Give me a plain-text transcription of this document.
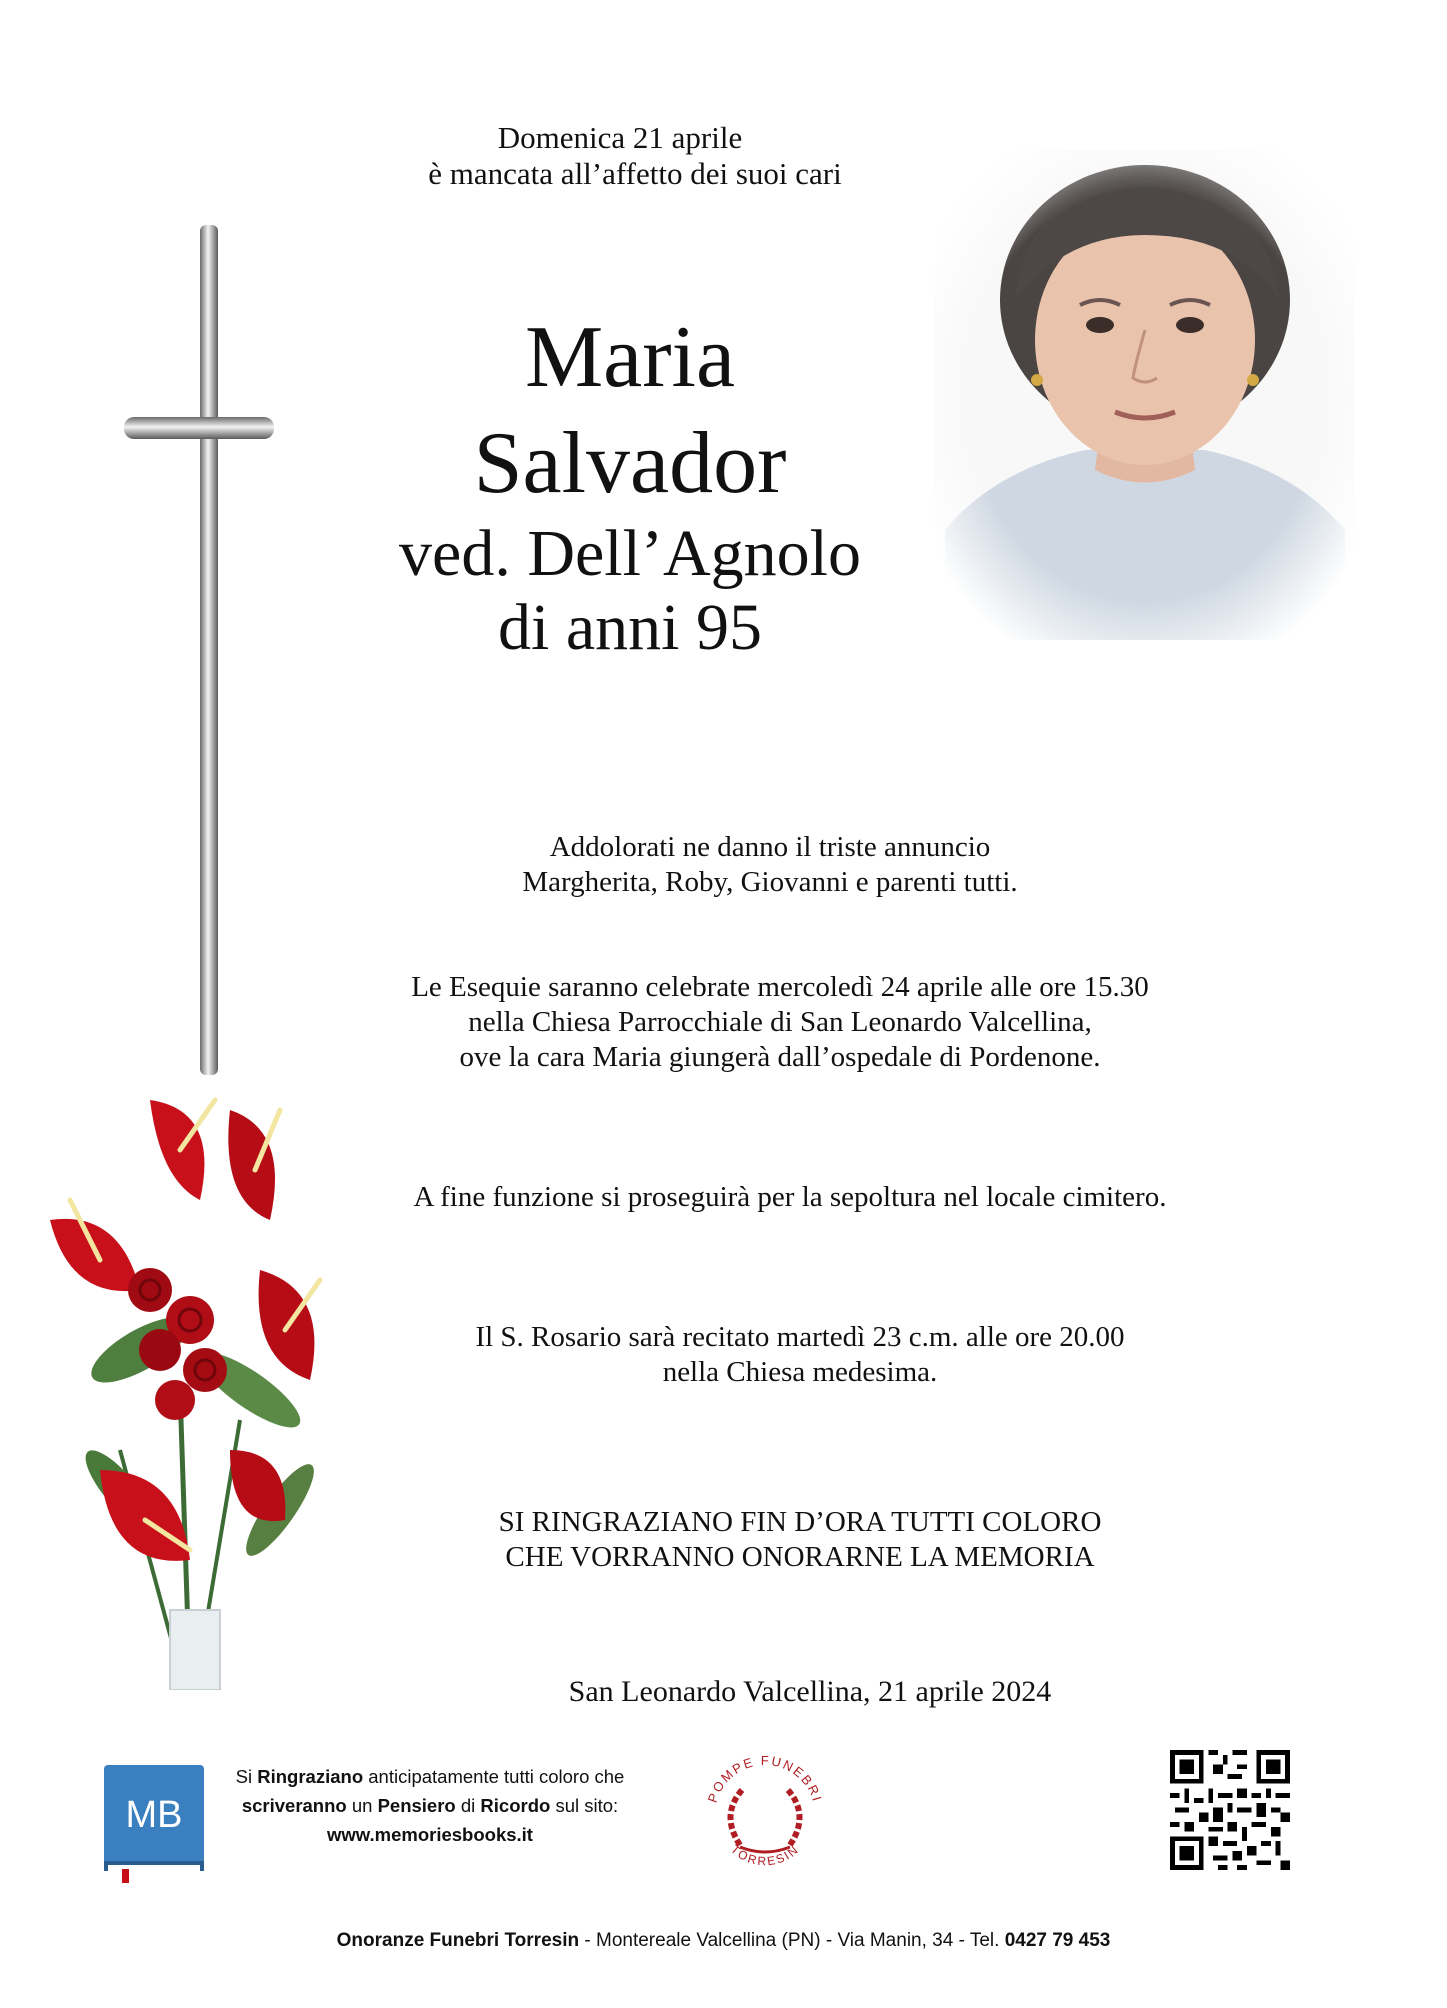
Domenica 21 aprile
è mancata all’affetto dei suoi cari
Maria
Salvador
ved. Dell’Agnolo
di anni 95
Addolorati ne danno il triste annuncio
Margherita, Roby, Giovanni e parenti tutti.
Le Esequie saranno celebrate mercoledì 24 aprile alle ore 15.30
nella Chiesa Parrocchiale di San Leonardo Valcellina,
ove la cara Maria giungerà dall’ospedale di Pordenone.
A fine funzione si proseguirà per la sepoltura nel locale cimitero.
Il S. Rosario sarà recitato martedì 23 c.m. alle ore 20.00
nella Chiesa medesima.
SI RINGRAZIANO FIN D’ORA TUTTI COLORO
CHE VORRANNO ONORARNE LA MEMORIA
San Leonardo Valcellina, 21 aprile 2024
MB
Si Ringraziano anticipatamente tutti coloro che
scriveranno un Pensiero di Ricordo sul sito:
www.memoriesbooks.it
POMPE FUNEBRI
TORRESIN
Onoranze Funebri Torresin - Montereale Valcellina (PN) - Via Manin, 34 - Tel. 0427 79 453
